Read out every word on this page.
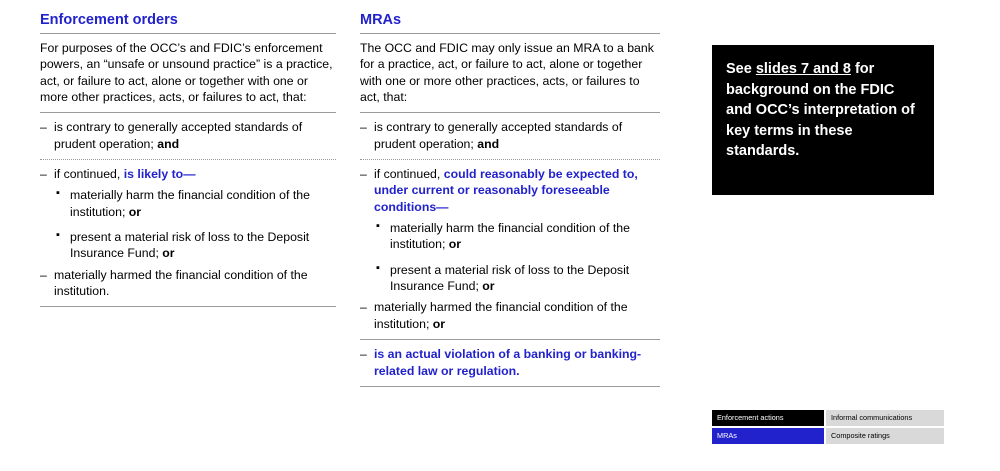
Enforcement orders

For purposes of the OCC’s and FDIC’s enforcement powers, an “unsafe or unsound practice” is a practice, act, or failure to act, alone or together with one or more other practices, acts, or failures to act, that:

– is contrary to generally accepted standards of prudent operation; and
– if continued, is likely to—
▪ materially harm the financial condition of the institution; or
▪ present a material risk of loss to the Deposit Insurance Fund; or
– materially harmed the financial condition of the institution.
MRAs

The OCC and FDIC may only issue an MRA to a bank for a practice, act, or failure to act, alone or together with one or more other practices, acts, or failures to act, that:

– is contrary to generally accepted standards of prudent operation; and
– if continued, could reasonably be expected to, under current or reasonably foreseeable conditions—
▪ materially harm the financial condition of the institution; or
▪ present a material risk of loss to the Deposit Insurance Fund; or
– materially harmed the financial condition of the institution; or
– is an actual violation of a banking or banking-related law or regulation.
See slides 7 and 8 for background on the FDIC and OCC’s interpretation of key terms in these standards.
Enforcement actions	Informal communications
MRAs	Composite ratings
